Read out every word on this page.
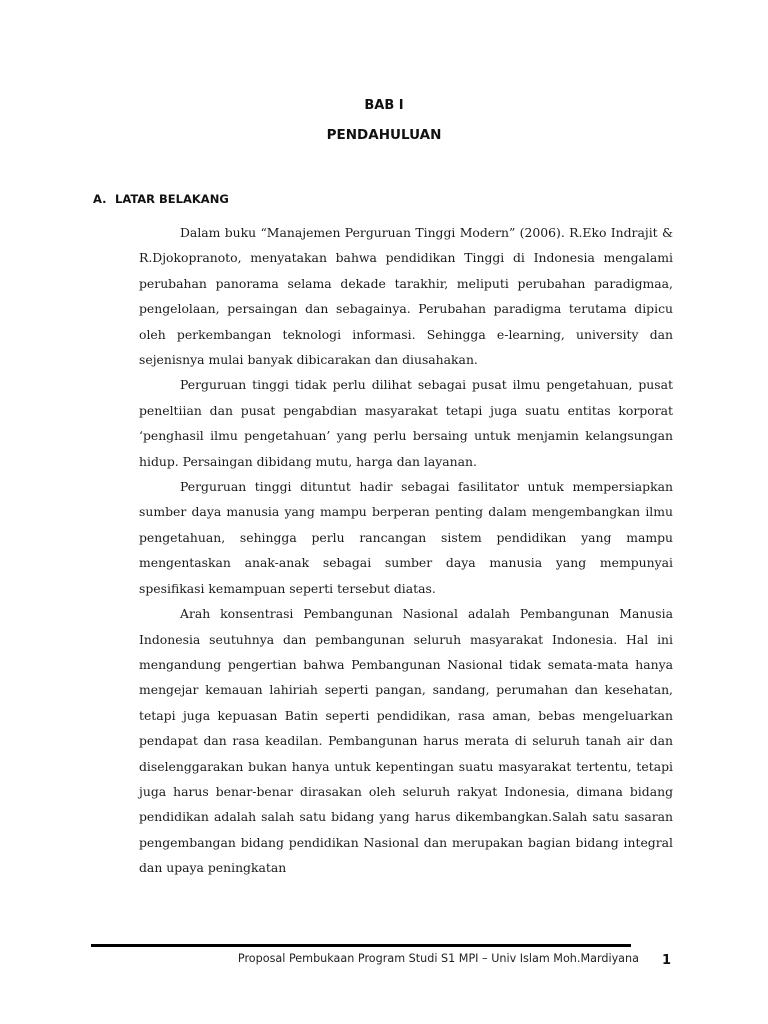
BAB I
PENDAHULUAN
A. LATAR BELAKANG

Dalam buku “Manajemen Perguruan Tinggi Modern” (2006). R.Eko Indrajit & R.Djokopranoto, menyatakan bahwa pendidikan Tinggi di Indonesia mengalami perubahan panorama selama dekade tarakhir, meliputi perubahan paradigmaa, pengelolaan, persaingan dan sebagainya. Perubahan paradigma terutama dipicu oleh perkembangan teknologi informasi. Sehingga e-learning, university dan sejenisnya mulai banyak dibicarakan dan diusahakan.

Perguruan tinggi tidak perlu dilihat sebagai pusat ilmu pengetahuan, pusat peneltiian dan pusat pengabdian masyarakat tetapi juga suatu entitas korporat ‘penghasil ilmu pengetahuan’ yang perlu bersaing untuk menjamin kelangsungan hidup. Persaingan dibidang mutu, harga dan layanan.

Perguruan tinggi dituntut hadir sebagai fasilitator untuk mempersiapkan sumber daya manusia yang mampu berperan penting dalam mengembangkan ilmu pengetahuan, sehingga perlu rancangan sistem pendidikan yang mampu mengentaskan anak-anak sebagai sumber daya manusia yang mempunyai spesifikasi kemampuan seperti tersebut diatas.

Arah konsentrasi Pembangunan Nasional adalah Pembangunan Manusia Indonesia seutuhnya dan pembangunan seluruh masyarakat Indonesia. Hal ini mengandung pengertian bahwa Pembangunan Nasional tidak semata-mata hanya mengejar kemauan lahiriah seperti pangan, sandang, perumahan dan kesehatan, tetapi juga kepuasan Batin seperti pendidikan, rasa aman, bebas mengeluarkan pendapat dan rasa keadilan. Pembangunan harus merata di seluruh tanah air dan diselenggarakan bukan hanya untuk kepentingan suatu masyarakat tertentu, tetapi juga harus benar-benar dirasakan oleh seluruh rakyat Indonesia, dimana bidang pendidikan adalah salah satu bidang yang harus dikembangkan.Salah satu sasaran pengembangan bidang pendidikan Nasional dan merupakan bagian bidang integral dan upaya peningkatan

Proposal Pembukaan Program Studi S1 MPI – Univ Islam Moh.Mardiyana 1
